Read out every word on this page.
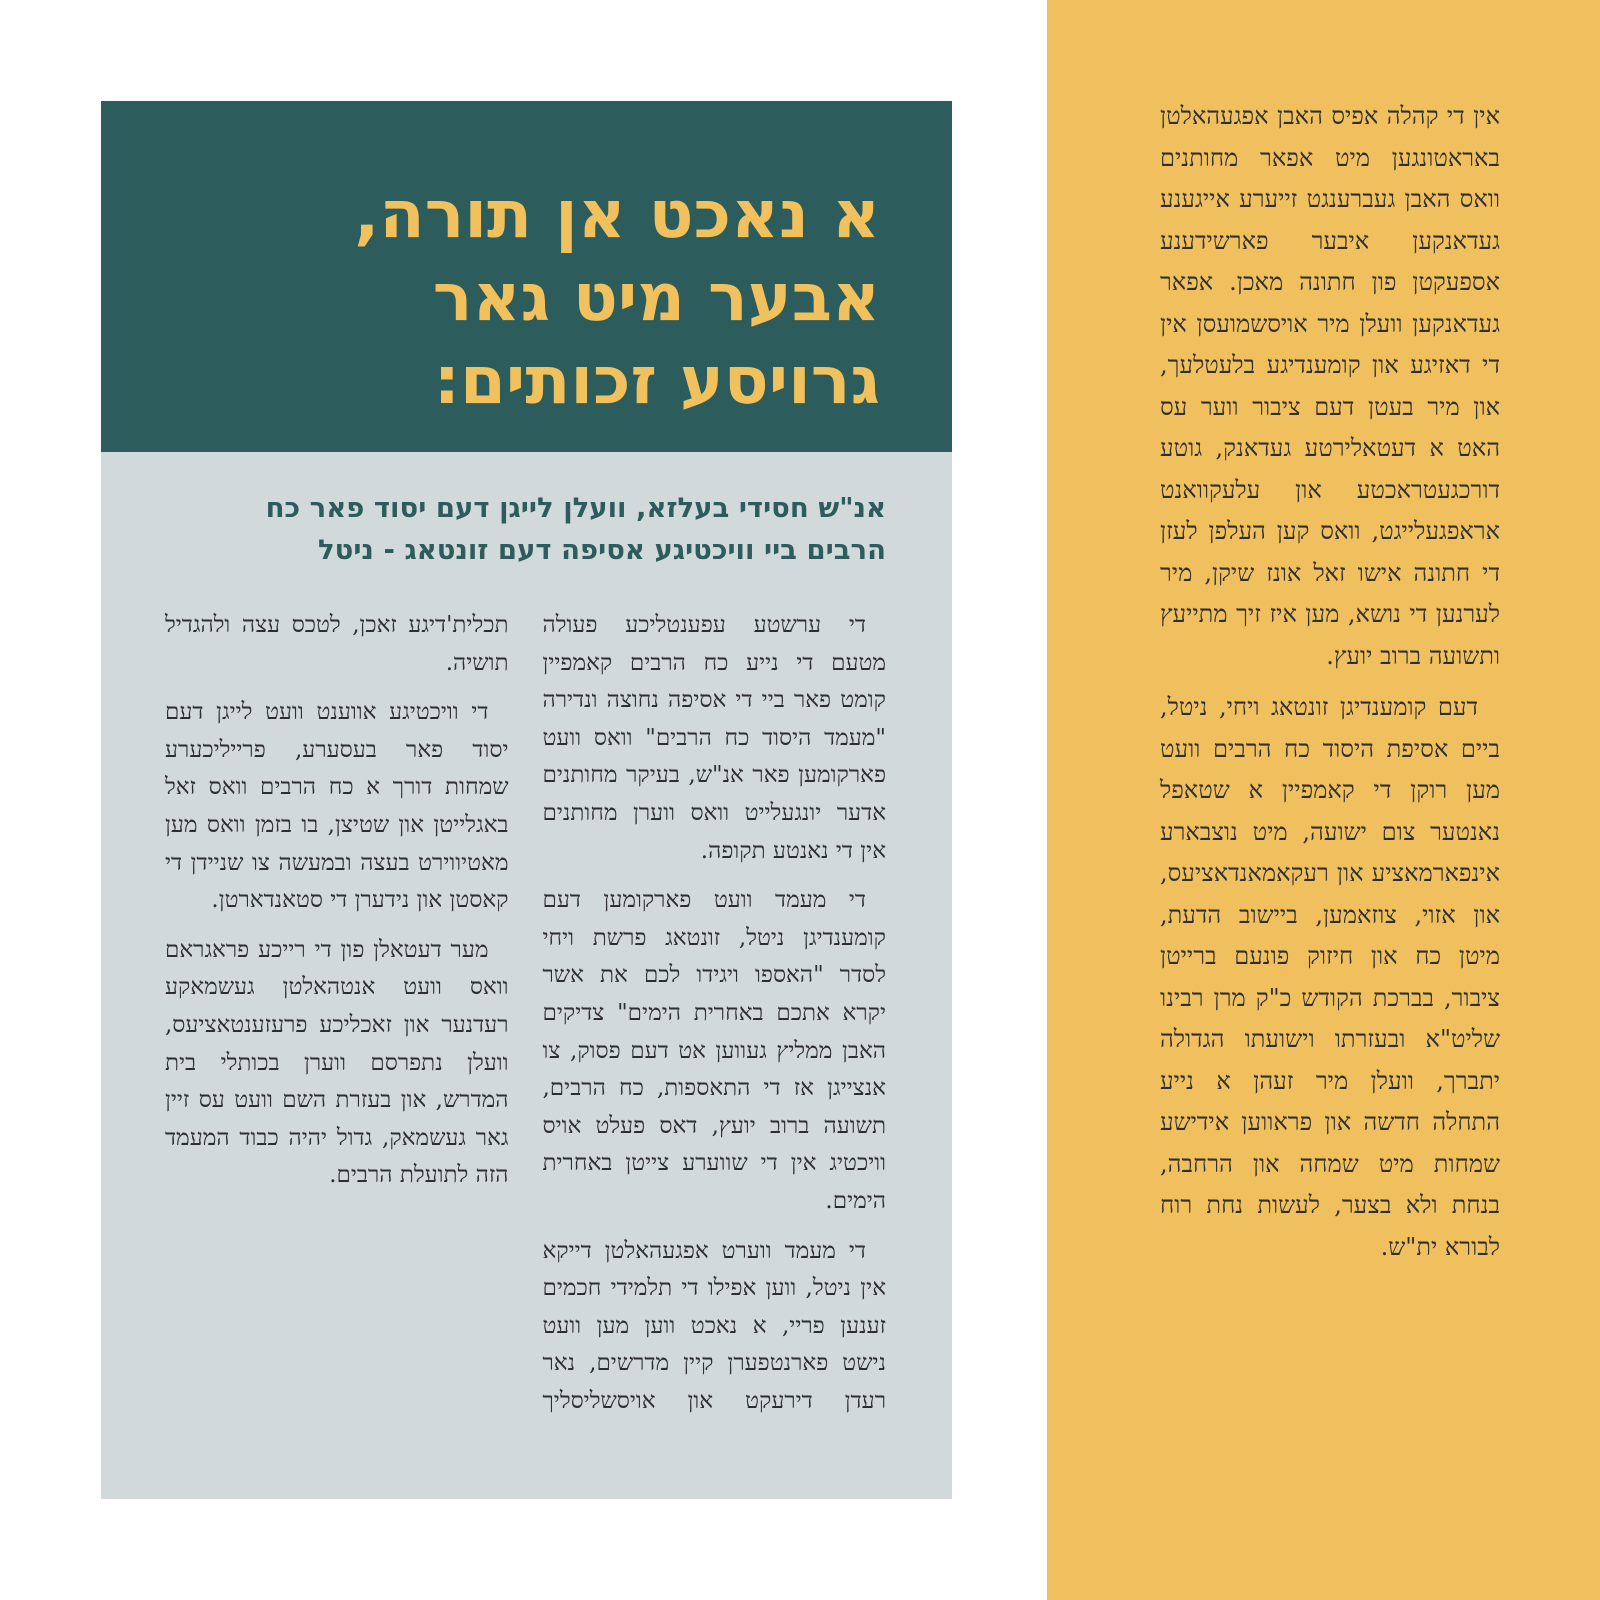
א נאכט אן תורה,
אבער מיט גאר
גרויסע זכותים:
אנ"ש חסידי בעלזא, וועלן לייגן דעם יסוד פאר כח
הרבים ביי וויכטיגע אסיפה דעם זונטאג - ניטל

די ערשטע עפענטליכע פעולה מטעם די נייע כח הרבים קאמפיין קומט פאר ביי די אסיפה נחוצה ונדירה "מעמד היסוד כח הרבים" וואס וועט פארקומען פאר אנ"ש, בעיקר מחותנים אדער יונגעלייט וואס ווערן מחותנים אין די נאנטע תקופה.

די מעמד וועט פארקומען דעם קומענדיגן ניטל, זונטאג פרשת ויחי לסדר "האספו ויגידו לכם את אשר יקרא אתכם באחרית הימים" צדיקים האבן ממליץ געווען אט דעם פסוק, צו אנצייגן אז די התאספות, כח הרבים, תשועה ברוב יועץ, דאס פעלט אויס וויכטיג אין די שווערע צייטן באחרית הימים.

די מעמד ווערט אפגעהאלטן דייקא אין ניטל, ווען אפילו די תלמידי חכמים זענען פריי, א נאכט ווען מען וועט נישט פארנטפערן קיין מדרשים, נאר רעדן דירעקט און אויסשליסליך תכלית'דיגע זאכן, לטכס עצה ולהגדיל תושיה.

די וויכטיגע אווענט וועט לייגן דעם יסוד פאר בעסערע, פרייליכערע שמחות דורך א כח הרבים וואס זאל באגלייטן און שטיצן, בו בזמן וואס מען מאטיווירט בעצה ובמעשה צו שניידן די קאסטן און נידערן די סטאנדארטן.

מער דעטאלן פון די רייכע פראגראם וואס וועט אנטהאלטן געשמאקע רעדנער און זאכליכע פרעזענטאציעס, וועלן נתפרסם ווערן בכותלי בית המדרש, און בעזרת השם וועט עס זיין גאר געשמאק, גדול יהיה כבוד המעמד הזה לתועלת הרבים.

אין די קהלה אפיס האבן אפגעהאלטן באראטונגען מיט אפאר מחותנים וואס האבן געברענגט זייערע אייגענע געדאנקען איבער פארשידענע אספעקטן פון חתונה מאכן. אפאר געדאנקען וועלן מיר אויסשמועסן אין די דאזיגע און קומענדיגע בלעטלעך, און מיר בעטן דעם ציבור ווער עס האט א דעטאלירטע געדאנק, גוטע דורכגעטראכטע און עלעקוואנט אראפגעלייגט, וואס קען העלפן לעזן די חתונה אישו זאל אונז שיקן, מיר לערנען די נושא, מען איז זיך מתייעץ ותשועה ברוב יועץ.

דעם קומענדיגן זונטאג ויחי, ניטל, ביים אסיפת היסוד כח הרבים וועט מען רוקן די קאמפיין א שטאפל נאנטער צום ישועה, מיט נוצבארע אינפארמאציע און רעקאמאנדאציעס, און אזוי, צוזאמען, ביישוב הדעת, מיטן כח און חיזוק פונעם ברייטן ציבור, בברכת הקודש כ"ק מרן רבינו שליט"א ובעזרתו וישועתו הגדולה יתברך, וועלן מיר זעהן א נייע התחלה חדשה און פראווען אידישע שמחות מיט שמחה און הרחבה, בנחת ולא בצער, לעשות נחת רוח לבורא ית"ש.
